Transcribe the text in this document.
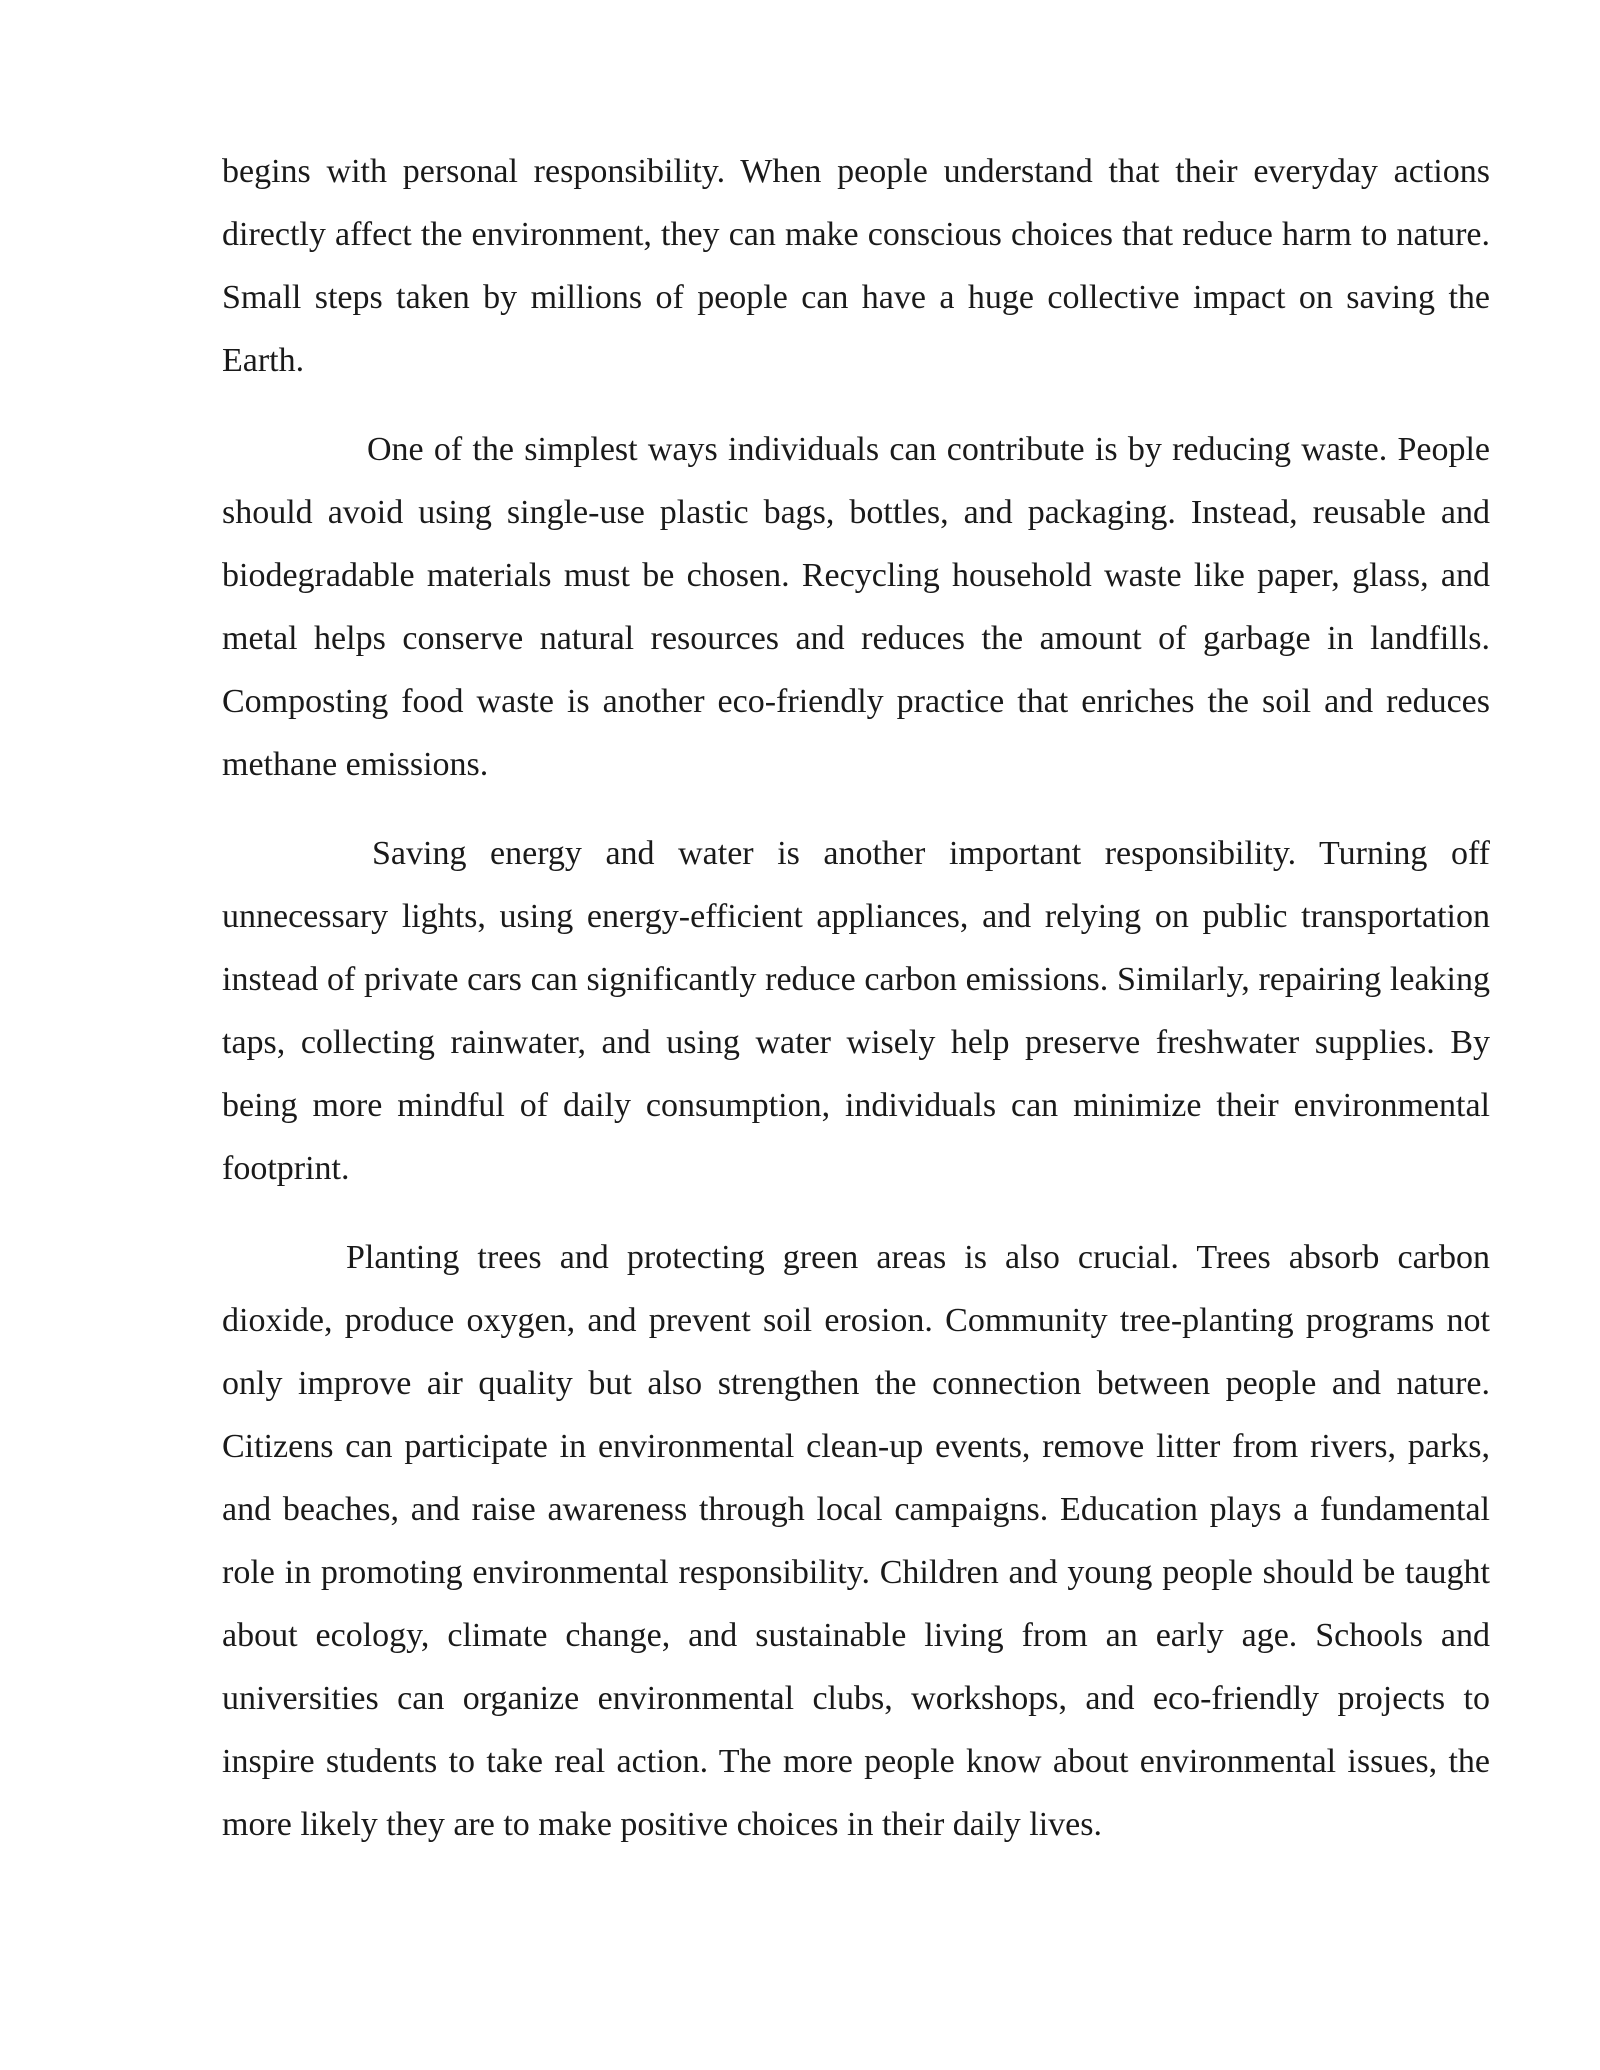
begins with personal responsibility. When people understand that their everyday actions directly affect the environment, they can make conscious choices that reduce harm to nature. Small steps taken by millions of people can have a huge collective impact on saving the Earth.

One of the simplest ways individuals can contribute is by reducing waste. People should avoid using single-use plastic bags, bottles, and packaging. Instead, reusable and biodegradable materials must be chosen. Recycling household waste like paper, glass, and metal helps conserve natural resources and reduces the amount of garbage in landfills. Composting food waste is another eco-friendly practice that enriches the soil and reduces methane emissions.

Saving energy and water is another important responsibility. Turning off unnecessary lights, using energy-efficient appliances, and relying on public transportation instead of private cars can significantly reduce carbon emissions. Similarly, repairing leaking taps, collecting rainwater, and using water wisely help preserve freshwater supplies. By being more mindful of daily consumption, individuals can minimize their environmental footprint.

Planting trees and protecting green areas is also crucial. Trees absorb carbon dioxide, produce oxygen, and prevent soil erosion. Community tree-planting programs not only improve air quality but also strengthen the connection between people and nature. Citizens can participate in environmental clean-up events, remove litter from rivers, parks, and beaches, and raise awareness through local campaigns. Education plays a fundamental role in promoting environmental responsibility. Children and young people should be taught about ecology, climate change, and sustainable living from an early age. Schools and universities can organize environmental clubs, workshops, and eco-friendly projects to inspire students to take real action. The more people know about environmental issues, the more likely they are to make positive choices in their daily lives.
